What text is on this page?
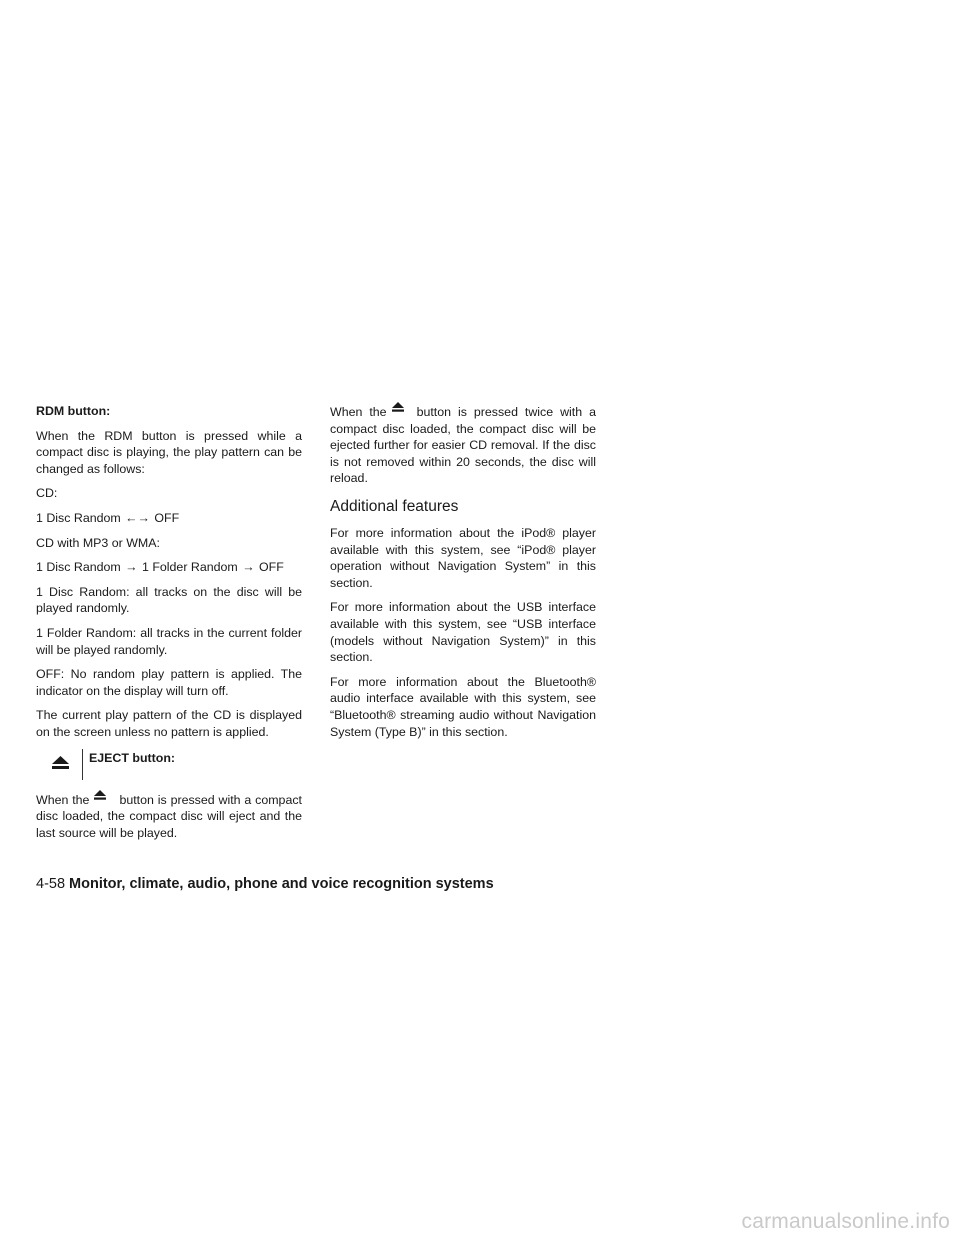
RDM button:

When the RDM button is pressed while a compact disc is playing, the play pattern can be changed as follows:

CD:

1 Disc Random ←→ OFF

CD with MP3 or WMA:

1 Disc Random → 1 Folder Random → OFF

1 Disc Random: all tracks on the disc will be played randomly.

1 Folder Random: all tracks in the current folder will be played randomly.

OFF: No random play pattern is applied. The indicator on the display will turn off.

The current play pattern of the CD is displayed on the screen unless no pattern is applied.

EJECT button:

When the button is pressed with a compact disc loaded, the compact disc will eject and the last source will be played.

When the button is pressed twice with a compact disc loaded, the compact disc will be ejected further for easier CD removal. If the disc is not removed within 20 seconds, the disc will reload.

Additional features

For more information about the iPod® player available with this system, see “iPod® player operation without Navigation System” in this section.

For more information about the USB interface available with this system, see “USB interface (models without Navigation System)” in this section.

For more information about the Bluetooth® audio interface available with this system, see “Bluetooth® streaming audio without Navigation System (Type B)” in this section.

4-58 Monitor, climate, audio, phone and voice recognition systems
carmanualsonline.info
